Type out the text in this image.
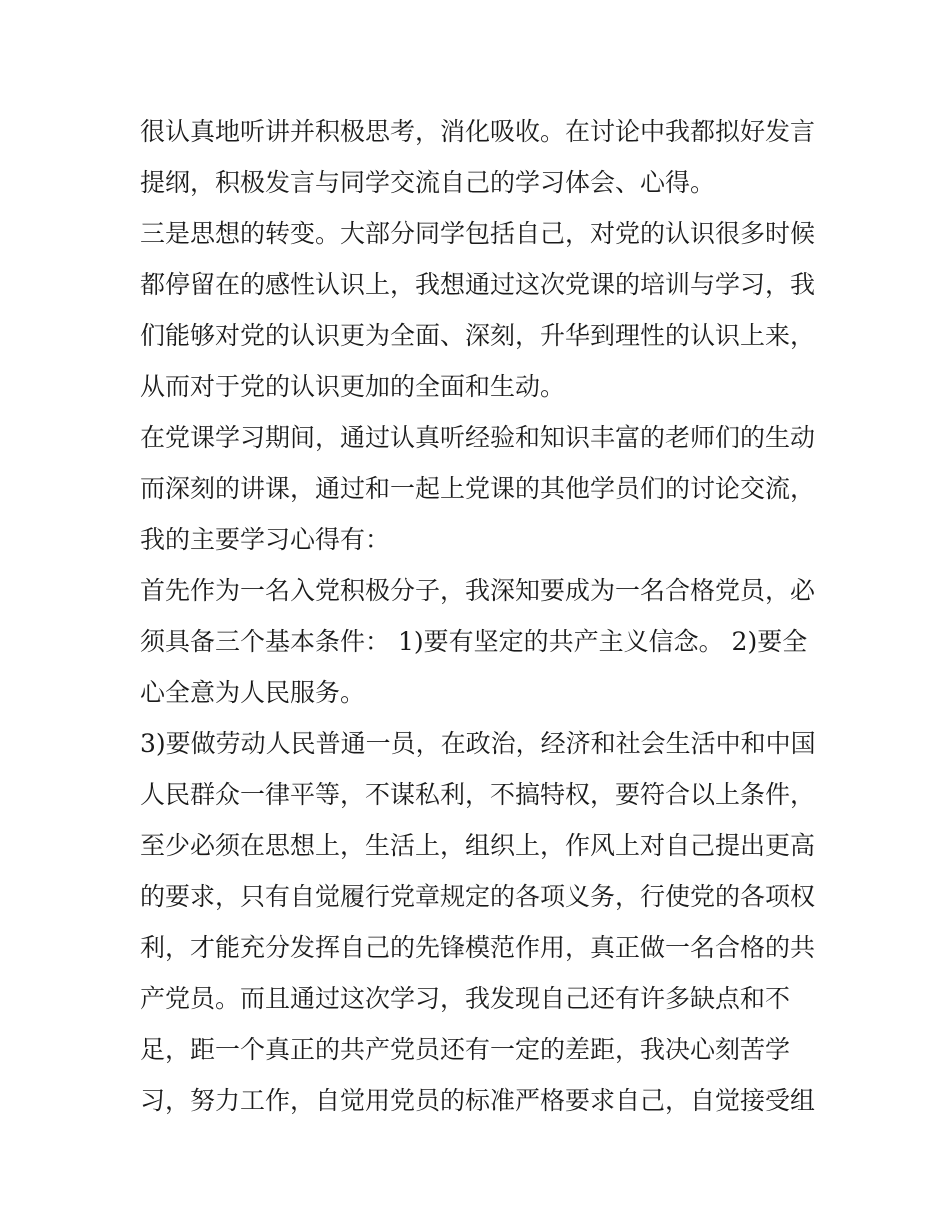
很认真地听讲并积极思考，消化吸收。在讨论中我都拟好发言
提纲，积极发言与同学交流自己的学习体会、心得。
三是思想的转变。大部分同学包括自己，对党的认识很多时候
都停留在的感性认识上，我想通过这次党课的培训与学习，我
们能够对党的认识更为全面、深刻，升华到理性的认识上来，
从而对于党的认识更加的全面和生动。
在党课学习期间，通过认真听经验和知识丰富的老师们的生动
而深刻的讲课，通过和一起上党课的其他学员们的讨论交流，
我的主要学习心得有：
首先作为一名入党积极分子，我深知要成为一名合格党员，必
须具备三个基本条件： 1)要有坚定的共产主义信念。 2)要全
心全意为人民服务。
3)要做劳动人民普通一员，在政治，经济和社会生活中和中国
人民群众一律平等，不谋私利，不搞特权，要符合以上条件，
至少必须在思想上，生活上，组织上，作风上对自己提出更高
的要求，只有自觉履行党章规定的各项义务，行使党的各项权
利，才能充分发挥自己的先锋模范作用，真正做一名合格的共
产党员。而且通过这次学习，我发现自己还有许多缺点和不
足，距一个真正的共产党员还有一定的差距，我决心刻苦学
习，努力工作，自觉用党员的标准严格要求自己，自觉接受组
